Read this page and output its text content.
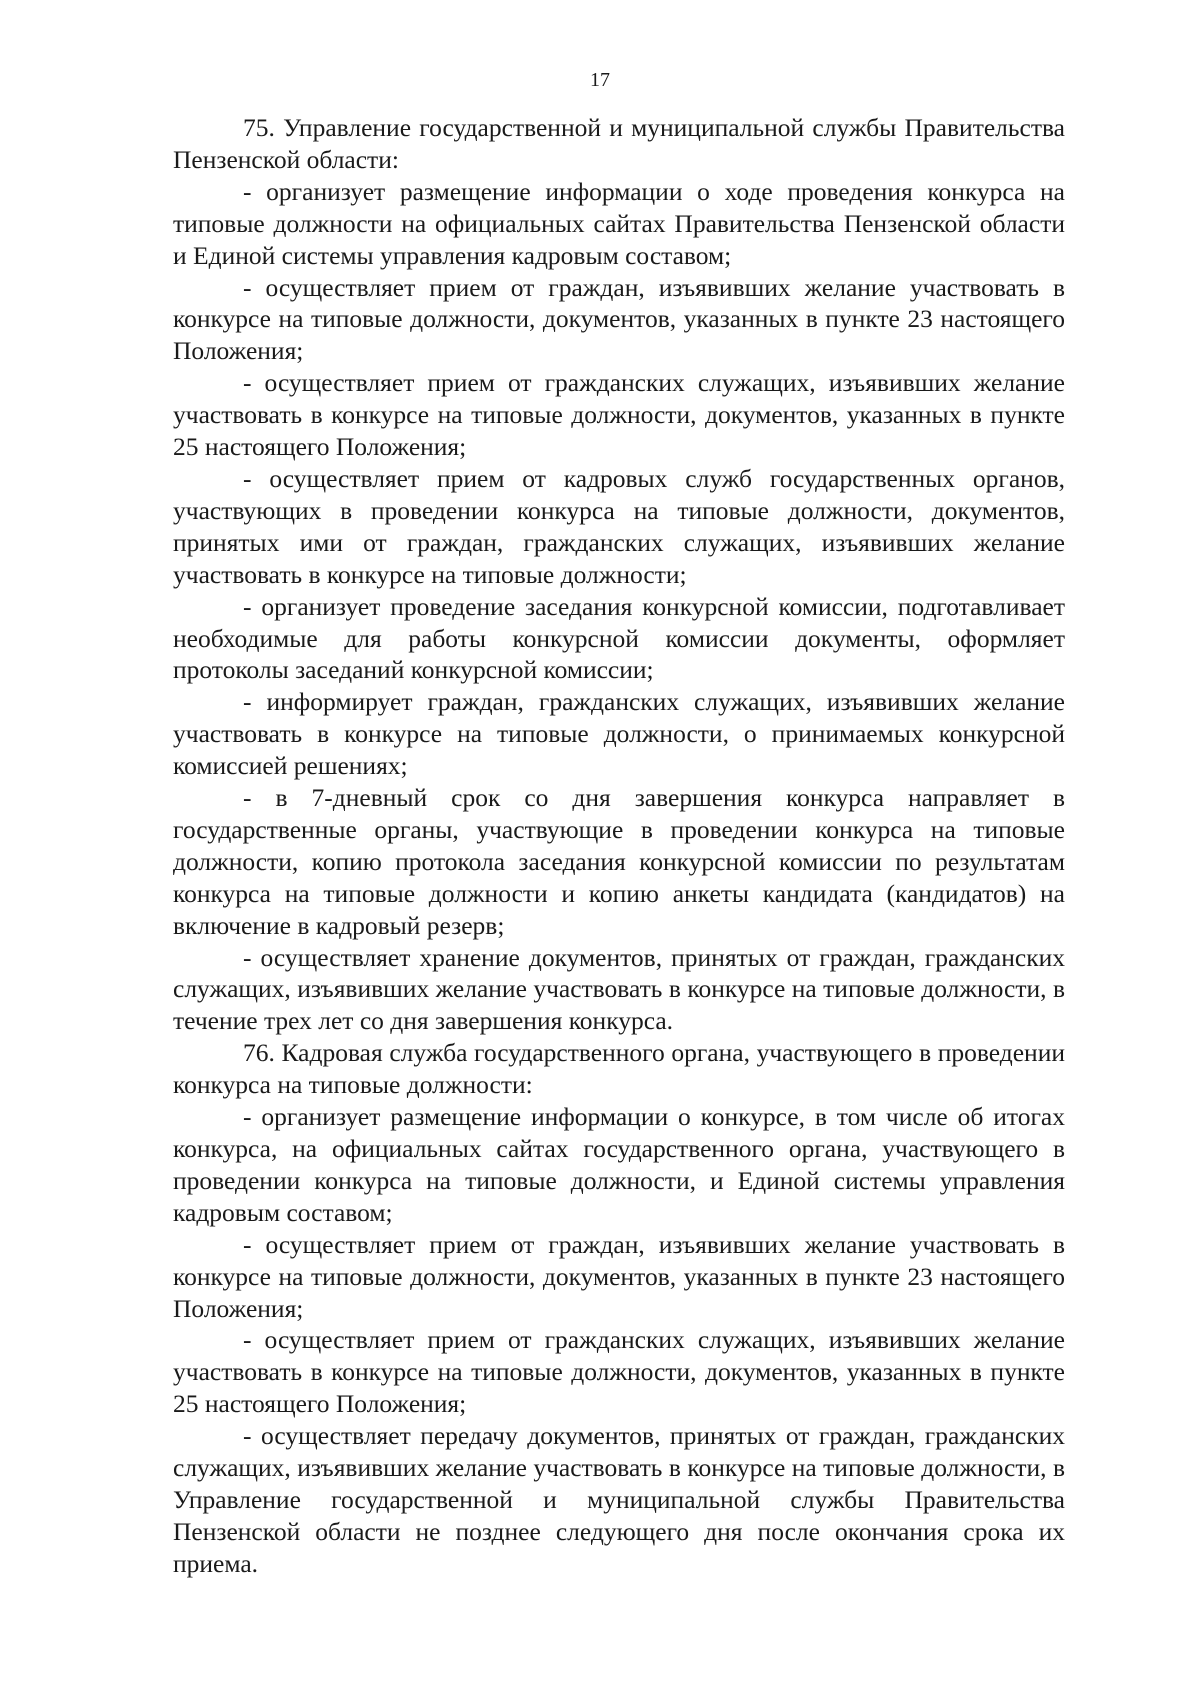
17

75. Управление государственной и муниципальной службы Правительства Пензенской области:

- организует размещение информации о ходе проведения конкурса на типовые должности на официальных сайтах Правительства Пензенской области и Единой системы управления кадровым составом;

- осуществляет прием от граждан, изъявивших желание участвовать в конкурсе на типовые должности, документов, указанных в пункте 23 настоящего Положения;

- осуществляет прием от гражданских служащих, изъявивших желание участвовать в конкурсе на типовые должности, документов, указанных в пункте 25 настоящего Положения;

- осуществляет прием от кадровых служб государственных органов, участвующих в проведении конкурса на типовые должности, документов, принятых ими от граждан, гражданских служащих, изъявивших желание участвовать в конкурсе на типовые должности;

- организует проведение заседания конкурсной комиссии, подготавливает необходимые для работы конкурсной комиссии документы, оформляет протоколы заседаний конкурсной комиссии;

- информирует граждан, гражданских служащих, изъявивших желание участвовать в конкурсе на типовые должности, о принимаемых конкурсной комиссией решениях;

- в 7-дневный срок со дня завершения конкурса направляет в государственные органы, участвующие в проведении конкурса на типовые должности, копию протокола заседания конкурсной комиссии по результатам конкурса на типовые должности и копию анкеты кандидата (кандидатов) на включение в кадровый резерв;

- осуществляет хранение документов, принятых от граждан, гражданских служащих, изъявивших желание участвовать в конкурсе на типовые должности, в течение трех лет со дня завершения конкурса.

76. Кадровая служба государственного органа, участвующего в проведении конкурса на типовые должности:

- организует размещение информации о конкурсе, в том числе об итогах конкурса, на официальных сайтах государственного органа, участвующего в проведении конкурса на типовые должности, и Единой системы управления кадровым составом;

- осуществляет прием от граждан, изъявивших желание участвовать в конкурсе на типовые должности, документов, указанных в пункте 23 настоящего Положения;

- осуществляет прием от гражданских служащих, изъявивших желание участвовать в конкурсе на типовые должности, документов, указанных в пункте 25 настоящего Положения;

- осуществляет передачу документов, принятых от граждан, гражданских служащих, изъявивших желание участвовать в конкурсе на типовые должности, в Управление государственной и муниципальной службы Правительства Пензенской области не позднее следующего дня после окончания срока их приема.
